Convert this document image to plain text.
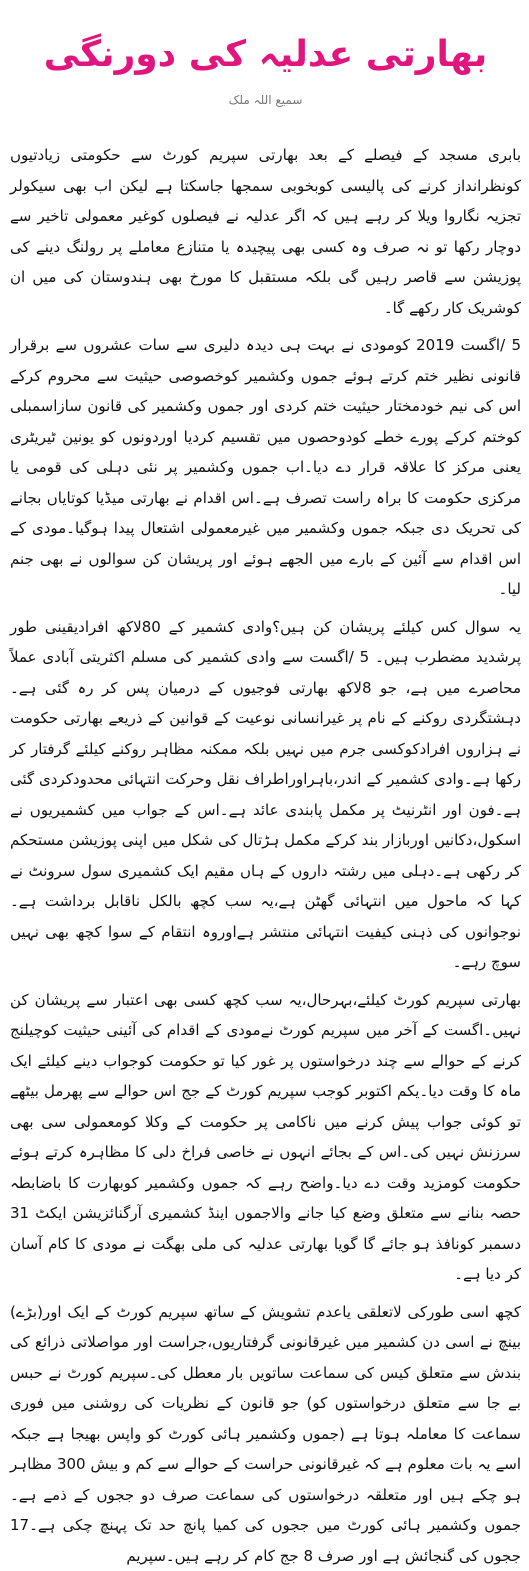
بھارتی عدلیہ کی دورنگی
سمیع اللہ ملک

بابری مسجد کے فیصلے کے بعد بھارتی سپریم کورٹ سے حکومتی زیادتیوں کونظرانداز کرنے کی پالیسی کوبخوبی سمجھا جاسکتا ہے لیکن اب بھی سیکولر تجزیہ نگاروا ویلا کر رہے ہیں کہ اگر عدلیہ نے فیصلوں کوغیر معمولی تاخیر سے دوچار رکھا تو نہ صرف وہ کسی بھی پیچیدہ یا متنازع معاملے پر رولنگ دینے کی پوزیشن سے قاصر رہیں گی بلکہ مستقبل کا مورخ بھی ہندوستان کی میں ان کوشریک کار رکھے گا۔

5 /اگست 2019 کومودی نے بہت ہی دیدہ دلیری سے سات عشروں سے برقرار قانونی نظیر ختم کرتے ہوئے جموں وکشمیر کوخصوصی حیثیت سے محروم کرکے اس کی نیم خودمختار حیثیت ختم کردی اور جموں وکشمیر کی قانون سازاسمبلی کوختم کرکے پورے خطے کودوحصوں میں تقسیم کردیا اوردونوں کو یونین ٹیریٹری یعنی مرکز کا علاقہ قرار دے دیا۔اب جموں وکشمیر پر نئی دہلی کی قومی یا مرکزی حکومت کا براہ راست تصرف ہے۔اس اقدام نے بھارتی میڈیا کوتایاں بجانے کی تحریک دی جبکہ جموں وکشمیر میں غیرمعمولی اشتعال پیدا ہوگیا۔مودی کے اس اقدام سے آئین کے بارے میں الجھے ہوئے اور پریشان کن سوالوں نے بھی جنم لیا۔

یہ سوال کس کیلئے پریشان کن ہیں؟وادی کشمیر کے 80لاکھ افرادیقینی طور پرشدید مضطرب ہیں۔ 5 /اگست سے وادی کشمیر کی مسلم اکثریتی آبادی عملاً محاصرے میں ہے، جو 8لاکھ بھارتی فوجیوں کے درمیان پس کر رہ گئی ہے۔دہشتگردی روکنے کے نام پر غیرانسانی نوعیت کے قوانین کے ذریعے بھارتی حکومت نے ہزاروں افرادکوکسی جرم میں نہیں بلکہ ممکنہ مظاہر روکنے کیلئے گرفتار کر رکھا ہے۔وادی کشمیر کے اندر،باہراوراطراف نقل وحرکت انتہائی محدودکردی گئی ہے۔فون اور انٹرنیٹ پر مکمل پابندی عائد ہے۔اس کے جواب میں کشمیریوں نے اسکول،دکانیں اوربازار بند کرکے مکمل ہڑتال کی شکل میں اپنی پوزیشن مستحکم کر رکھی ہے۔دہلی میں رشتہ داروں کے ہاں مقیم ایک کشمیری سول سرونٹ نے کہا کہ ماحول میں انتہائی گھٹن ہے،یہ سب کچھ بالکل ناقابل برداشت ہے۔نوجوانوں کی ذہنی کیفیت انتہائی منتشر ہےاوروہ انتقام کے سوا کچھ بھی نہیں سوچ رہے۔

بھارتی سپریم کورٹ کیلئے،بہرحال،یہ سب کچھ کسی بھی اعتبار سے پریشان کن نہیں۔اگست کے آخر میں سپریم کورٹ نےمودی کے اقدام کی آئینی حیثیت کوچیلنج کرنے کے حوالے سے چند درخواستوں پر غور کیا تو حکومت کوجواب دینے کیلئے ایک ماہ کا وقت دیا۔یکم اکتوبر کوجب سپریم کورٹ کے جج اس حوالے سے پھرمل بیٹھے تو کوئی جواب پیش کرنے میں ناکامی پر حکومت کے وکلا کومعمولی سی بھی سرزنش نہیں کی۔اس کے بجائے انہوں نے خاصی فراخ دلی کا مظاہرہ کرتے ہوئے حکومت کومزید وقت دے دیا۔واضح رہے کہ جموں وکشمیر کوبھارت کا باضابطہ حصہ بنانے سے متعلق وضع کیا جانے والاجموں اینڈ کشمیری آرگنائزیشن ایکٹ 31 دسمبر کونافذ ہو جائے گا گویا بھارتی عدلیہ کی ملی بھگت نے مودی کا کام آسان کر دیا ہے۔

کچھ اسی طورکی لاتعلقی یاعدم تشویش کے ساتھ سپریم کورٹ کے ایک اور(بڑے) بینچ نے اسی دن کشمیر میں غیرقانونی گرفتاریوں،جراست اور مواصلاتی ذرائع کی بندش سے متعلق کیس کی سماعت ساتویں بار معطل کی۔سپریم کورٹ نے حبس بے جا سے متعلق درخواستوں کو) جو قانون کے نظریات کی روشنی میں فوری سماعت کا معاملہ ہوتا ہے (جموں وکشمیر ہائی کورٹ کو واپس بھیجا ہے جبکہ اسے یہ بات معلوم ہے کہ غیرقانونی حراست کے حوالے سے کم و بیش 300 مظاہر ہو چکے ہیں اور متعلقہ درخواستوں کی سماعت صرف دو ججوں کے ذمے ہے۔جموں وکشمیر ہائی کورٹ میں ججوں کی کمیا پانچ حد تک پہنچ چکی ہے۔17 ججوں کی گنجائش ہے اور صرف 8 جج کام کر رہے ہیں۔سپریم
